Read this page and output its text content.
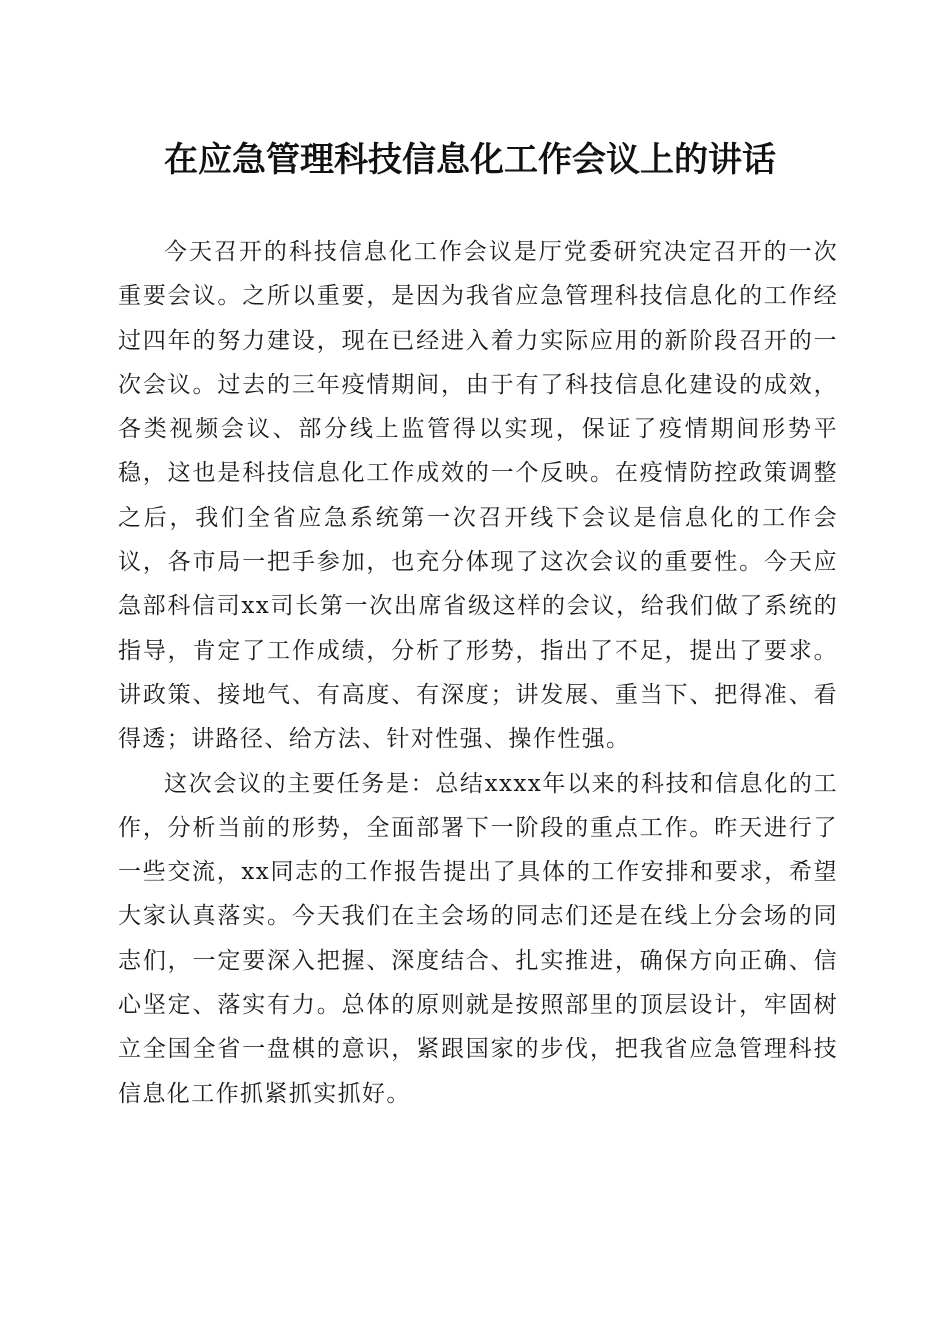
在应急管理科技信息化工作会议上的讲话

今天召开的科技信息化工作会议是厅党委研究决定召开的一次重要会议。之所以重要，是因为我省应急管理科技信息化的工作经过四年的努力建设，现在已经进入着力实际应用的新阶段召开的一次会议。过去的三年疫情期间，由于有了科技信息化建设的成效，各类视频会议、部分线上监管得以实现，保证了疫情期间形势平稳，这也是科技信息化工作成效的一个反映。在疫情防控政策调整之后，我们全省应急系统第一次召开线下会议是信息化的工作会议，各市局一把手参加，也充分体现了这次会议的重要性。今天应急部科信司xx司长第一次出席省级这样的会议，给我们做了系统的指导，肯定了工作成绩，分析了形势，指出了不足，提出了要求。讲政策、接地气、有高度、有深度；讲发展、重当下、把得准、看得透；讲路径、给方法、针对性强、操作性强。

这次会议的主要任务是：总结xxxx年以来的科技和信息化的工作，分析当前的形势，全面部署下一阶段的重点工作。昨天进行了一些交流，xx同志的工作报告提出了具体的工作安排和要求，希望大家认真落实。今天我们在主会场的同志们还是在线上分会场的同志们，一定要深入把握、深度结合、扎实推进，确保方向正确、信心坚定、落实有力。总体的原则就是按照部里的顶层设计，牢固树立全国全省一盘棋的意识，紧跟国家的步伐，把我省应急管理科技信息化工作抓紧抓实抓好。
